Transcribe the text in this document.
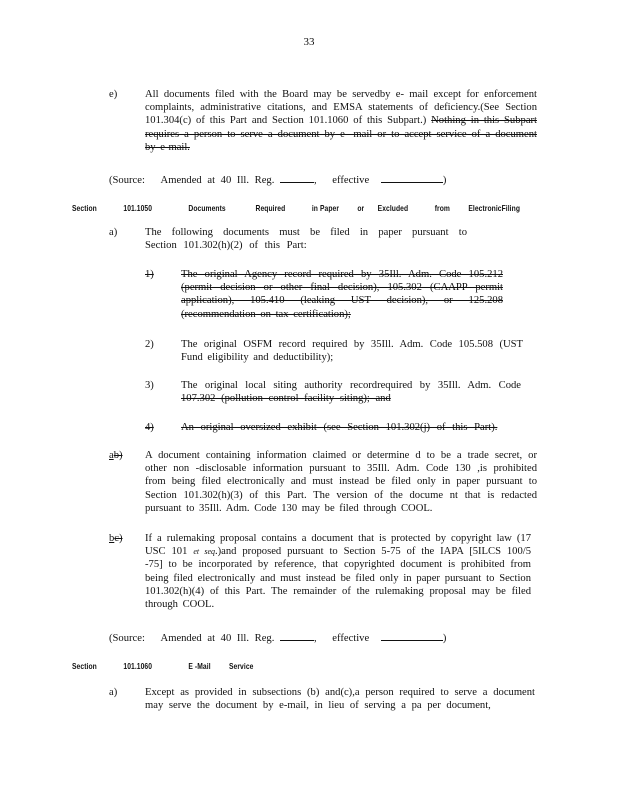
33
e)	All documents filed with the Board may be servedby e- mail except for enforcement complaints, administrative citations, and EMSA statements of deficiency.(See Section 101.304(c) of this Part and Section 101.1060 of this Subpart.) Nothing in this Subpart requires a person to serve a document by e- mail or to accept service of a document by e-mail.
(Source: Amended at 40 Ill. Reg.	, effective	)
Section	101.1050	Documents	Required	in Paper or Excluded	from ElectronicFiling
a)	The following documents must be filed in paper pursuant to Section 101.302(h)(2) of this Part:
1)	The original Agency record required by 35Ill. Adm. Code 105.212 (permit decision or other final decision), 105.302 (CAAPP permit application), 105.410 (leaking UST decision), or 125.208 (recommendation on tax certification);
2)	The original OSFM record required by 35Ill. Adm. Code 105.508 (UST Fund eligibility and deductibility);
3)	The original local siting authority recordrequired by 35Ill. Adm. Code 107.302 (pollution control facility siting); and
4)	An original oversized exhibit (see Section 101.302(j) of this Part).
ab) A document containing information claimed or determine d to be a trade secret, or other non -disclosable information pursuant to 35Ill. Adm. Code 130 ,is prohibited from being filed electronically and must instead be filed only in paper pursuant to Section 101.302(h)(3) of this Part. The version of the docume nt that is redacted pursuant to 35Ill. Adm. Code 130 may be filed through COOL.
bc) If a rulemaking proposal contains a document that is protected by copyright law (17 USC 101 et seq.)and proposed pursuant to Section 5-75 of the IAPA [5ILCS 100/5 -75] to be incorporated by reference, that copyrighted document is prohibited from being filed electronically and must instead be filed only in paper pursuant to Section 101.302(h)(4) of this Part. The remainder of the rulemaking proposal may be filed through COOL.
(Source: Amended at 40 Ill. Reg.	, effective	)
Section	101.1060	E -Mail Service
a)	Except as provided in subsections (b) and(c),a person required to serve a document may serve the document by e-mail, in lieu of serving a pa per document,
